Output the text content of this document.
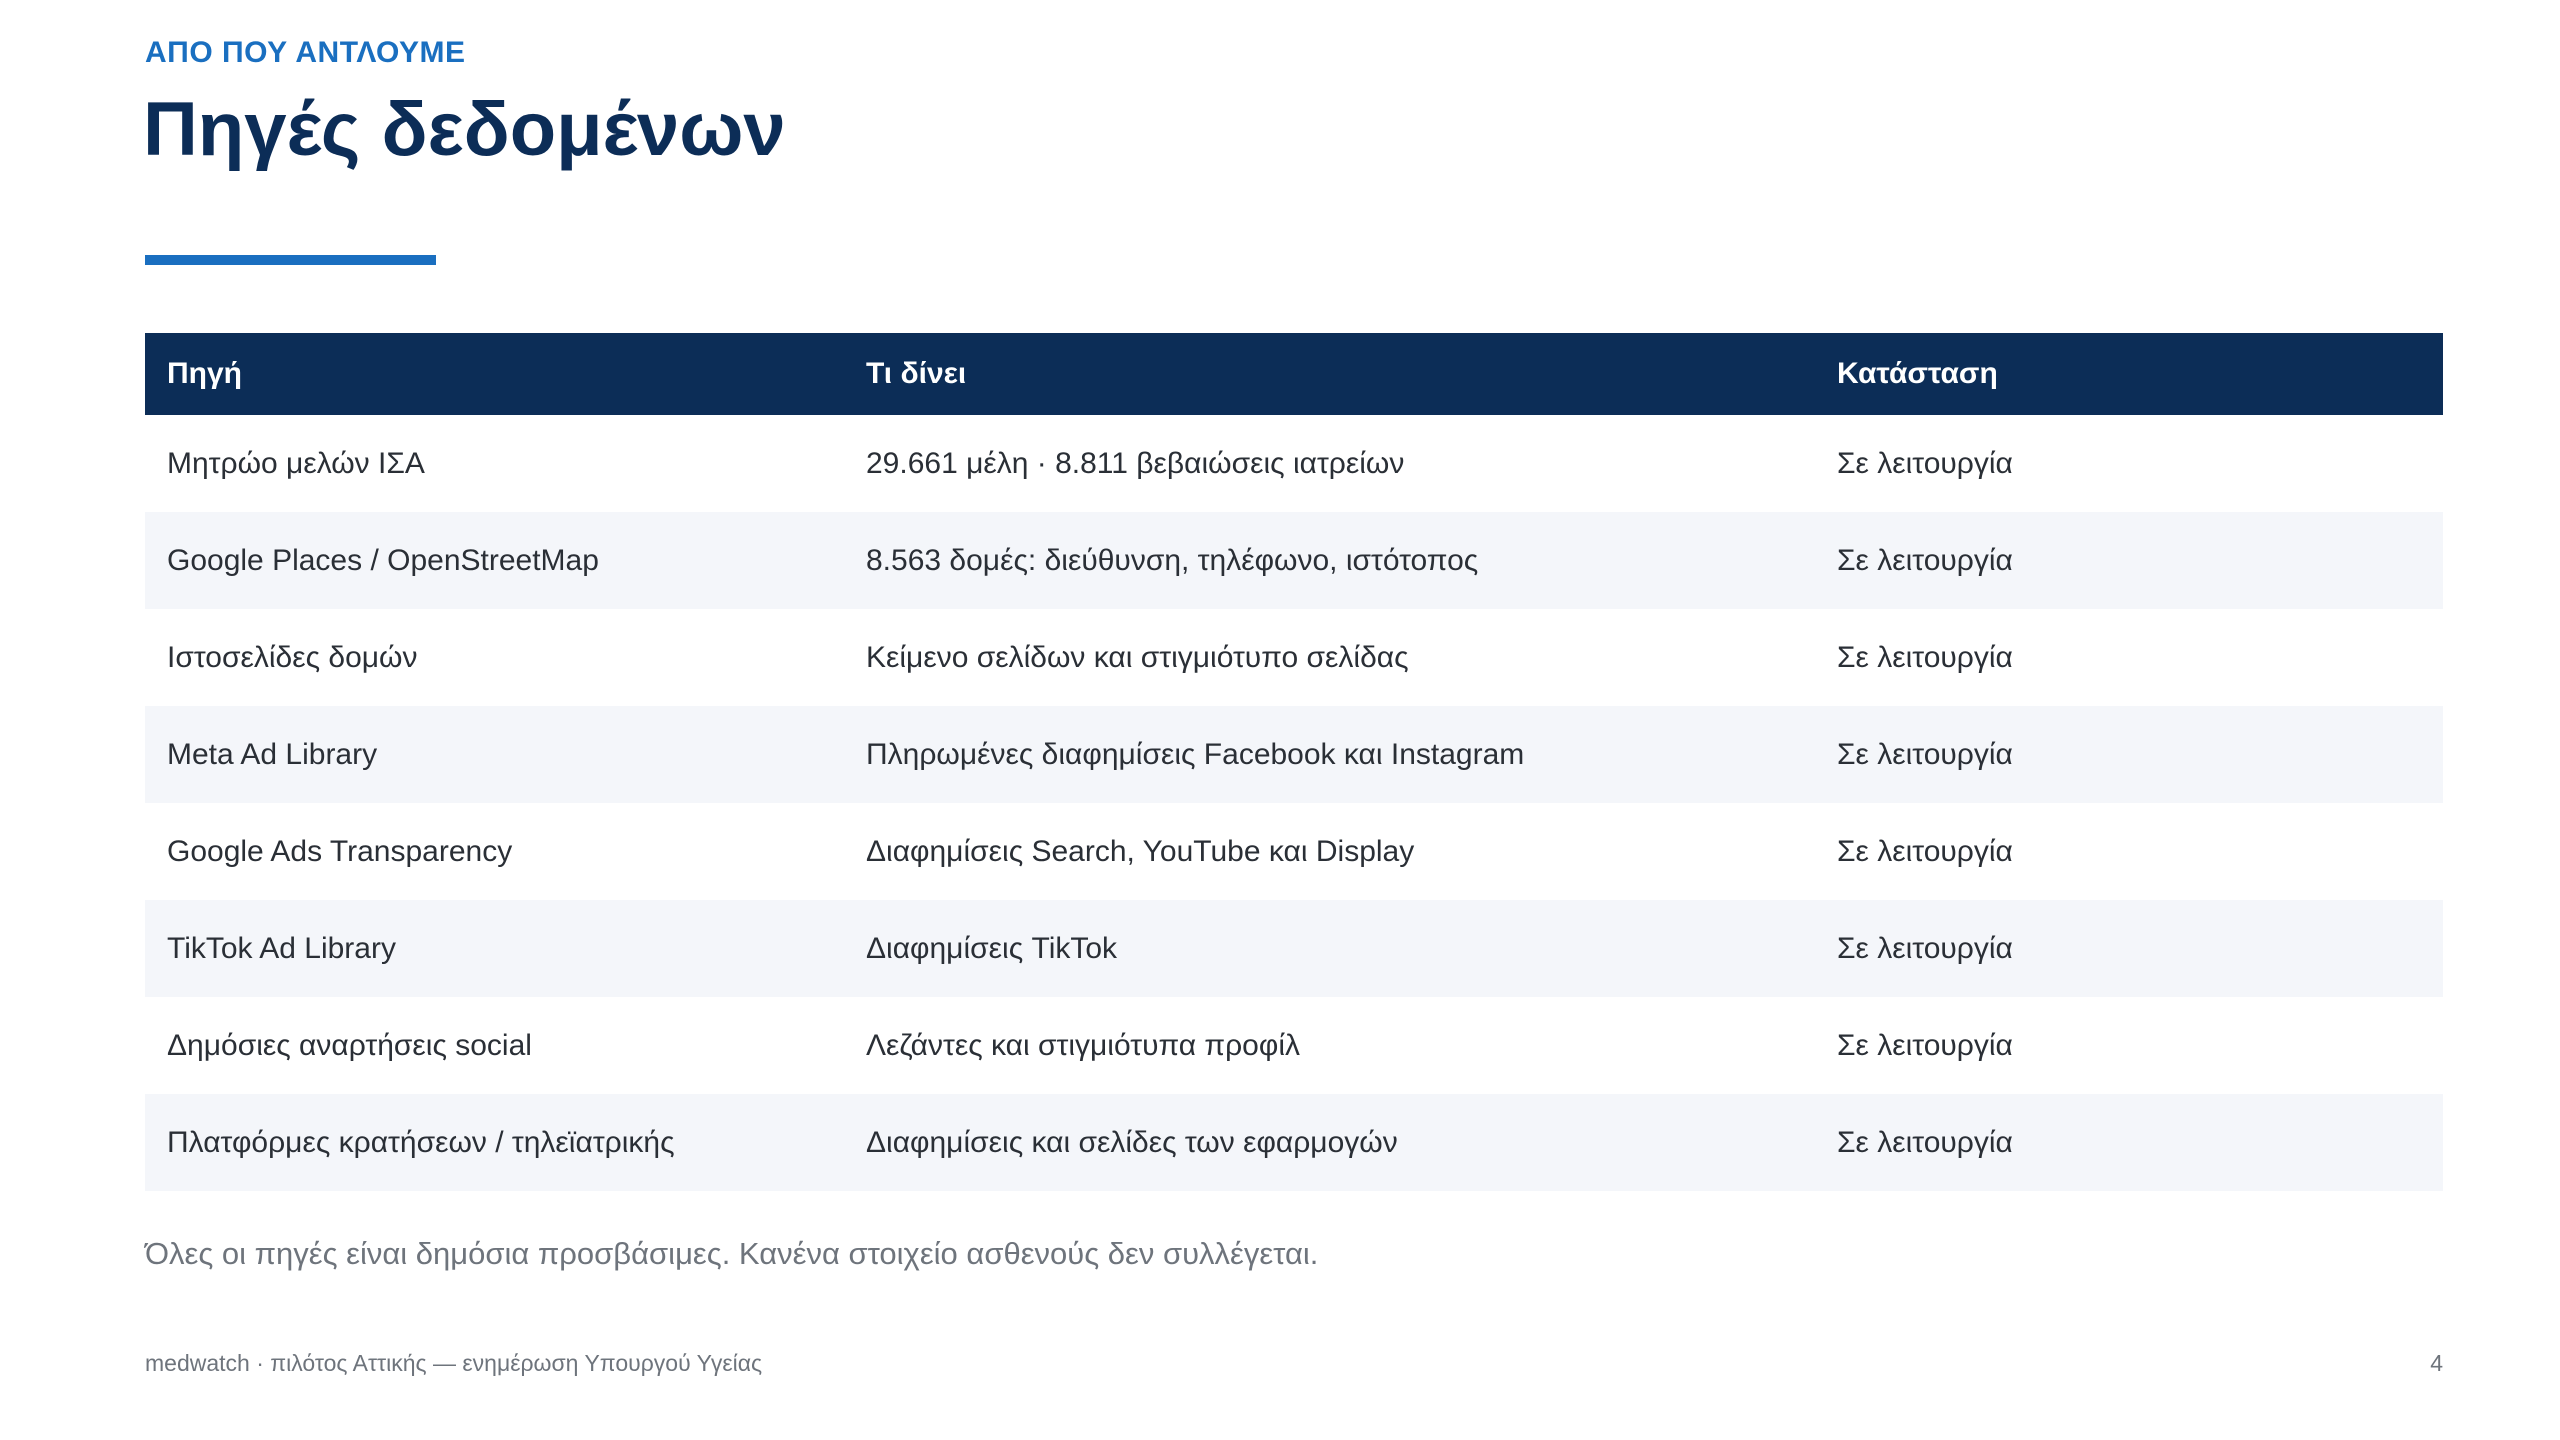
ΑΠΟ ΠΟΥ ΑΝΤΛΟΥΜΕ
Πηγές δεδομένων
Πηγή	Τι δίνει	Κατάσταση
Μητρώο μελών ΙΣΑ	29.661 μέλη · 8.811 βεβαιώσεις ιατρείων	Σε λειτουργία
Google Places / OpenStreetMap	8.563 δομές: διεύθυνση, τηλέφωνο, ιστότοπος	Σε λειτουργία
Ιστοσελίδες δομών	Κείμενο σελίδων και στιγμιότυπο σελίδας	Σε λειτουργία
Meta Ad Library	Πληρωμένες διαφημίσεις Facebook και Instagram	Σε λειτουργία
Google Ads Transparency	Διαφημίσεις Search, YouTube και Display	Σε λειτουργία
TikTok Ad Library	Διαφημίσεις TikTok	Σε λειτουργία
Δημόσιες αναρτήσεις social	Λεζάντες και στιγμιότυπα προφίλ	Σε λειτουργία
Πλατφόρμες κρατήσεων / τηλεϊατρικής	Διαφημίσεις και σελίδες των εφαρμογών	Σε λειτουργία
Όλες οι πηγές είναι δημόσια προσβάσιμες. Κανένα στοιχείο ασθενούς δεν συλλέγεται.
medwatch · πιλότος Αττικής — ενημέρωση Υπουργού Υγείας	4
